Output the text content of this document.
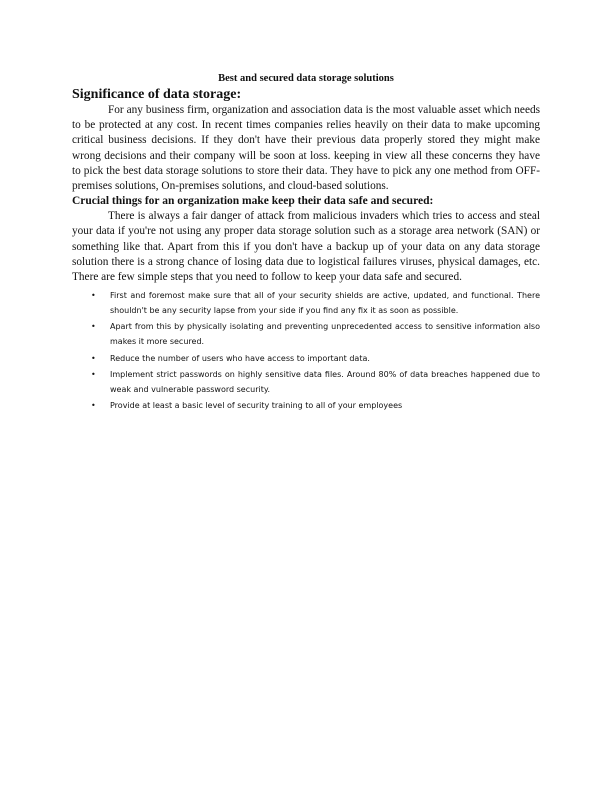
Best and secured data storage solutions
Significance of data storage:

For any business firm, organization and association data is the most valuable asset which needs to be protected at any cost. In recent times companies relies heavily on their data to make upcoming critical business decisions. If they don't have their previous data properly stored they might make wrong decisions and their company will be soon at loss. keeping in view all these concerns they have to pick the best data storage solutions to store their data. They have to pick any one method from OFF-premises solutions, On-premises solutions, and cloud-based solutions.

Crucial things for an organization make keep their data safe and secured:

There is always a fair danger of attack from malicious invaders which tries to access and steal your data if you're not using any proper data storage solution such as a storage area network (SAN) or something like that. Apart from this if you don't have a backup up of your data on any data storage solution there is a strong chance of losing data due to logistical failures viruses, physical damages, etc. There are few simple steps that you need to follow to keep your data safe and secured.

• First and foremost make sure that all of your security shields are active, updated, and functional. There shouldn't be any security lapse from your side if you find any fix it as soon as possible.
• Apart from this by physically isolating and preventing unprecedented access to sensitive information also makes it more secured.
• Reduce the number of users who have access to important data.
• Implement strict passwords on highly sensitive data files. Around 80% of data breaches happened due to weak and vulnerable password security.
• Provide at least a basic level of security training to all of your employees
